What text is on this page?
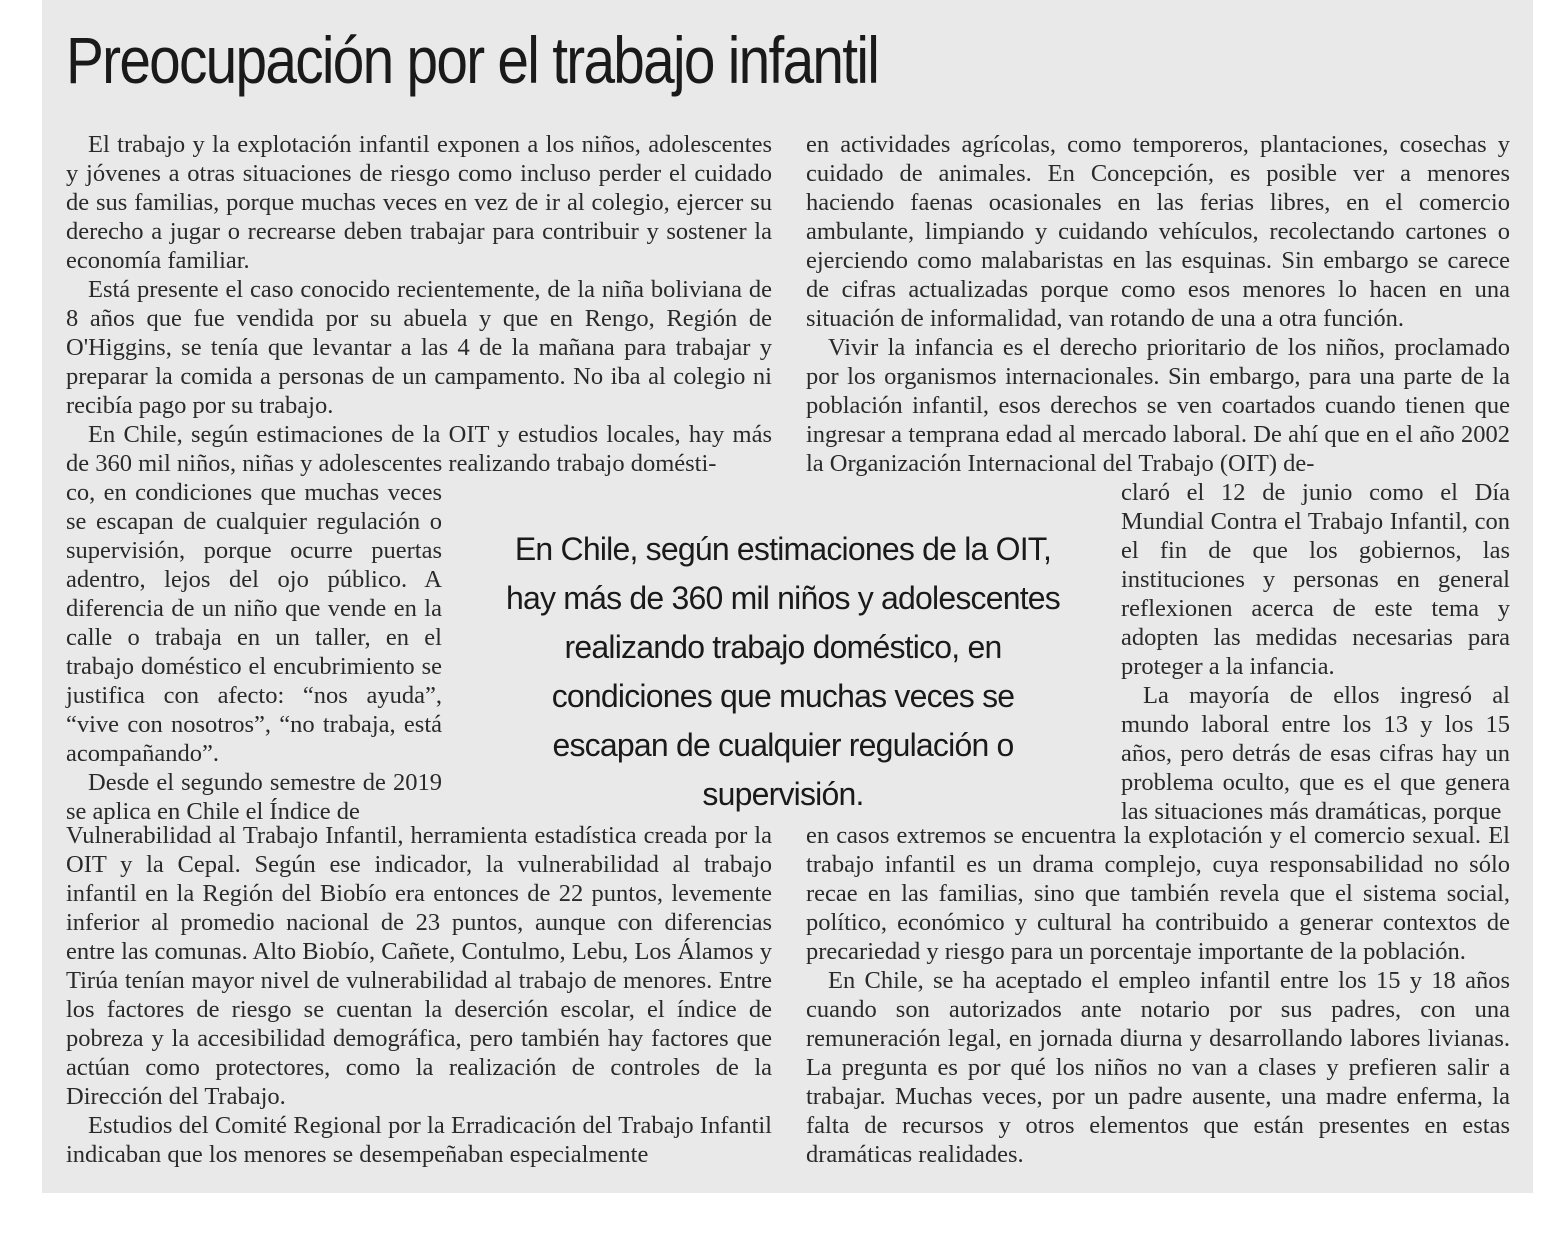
Preocupación por el trabajo infantil

El trabajo y la explotación infantil exponen a los niños, adolescentes y jóvenes a otras situaciones de riesgo como incluso perder el cuidado de sus familias, porque muchas veces en vez de ir al colegio, ejercer su derecho a jugar o recrearse deben trabajar para contribuir y sostener la economía familiar.

Está presente el caso conocido recientemente, de la niña boliviana de 8 años que fue vendida por su abuela y que en Rengo, Región de O'Higgins, se tenía que levantar a las 4 de la mañana para trabajar y preparar la comida a personas de un campamento. No iba al colegio ni recibía pago por su trabajo.

En Chile, según estimaciones de la OIT y estudios locales, hay más de 360 mil niños, niñas y adolescentes realizando trabajo domésti-

co, en condiciones que muchas veces se escapan de cualquier regulación o supervisión, porque ocurre puertas adentro, lejos del ojo público. A diferencia de un niño que vende en la calle o trabaja en un taller, en el trabajo doméstico el encubrimiento se justifica con afecto: “nos ayuda”, “vive con nosotros”, “no trabaja, está acompañando”.

Desde el segundo semestre de 2019 se aplica en Chile el Índice de

Vulnerabilidad al Trabajo Infantil, herramienta estadística creada por la OIT y la Cepal. Según ese indicador, la vulnerabilidad al trabajo infantil en la Región del Biobío era entonces de 22 puntos, levemente inferior al promedio nacional de 23 puntos, aunque con diferencias entre las comunas. Alto Biobío, Cañete, Contulmo, Lebu, Los Álamos y Tirúa tenían mayor nivel de vulnerabilidad al trabajo de menores. Entre los factores de riesgo se cuentan la deserción escolar, el índice de pobreza y la accesibilidad demográfica, pero también hay factores que actúan como protectores, como la realización de controles de la Dirección del Trabajo.

Estudios del Comité Regional por la Erradicación del Trabajo Infantil indicaban que los menores se desempeñaban especialmente

en actividades agrícolas, como temporeros, plantaciones, cosechas y cuidado de animales. En Concepción, es posible ver a menores haciendo faenas ocasionales en las ferias libres, en el comercio ambulante, limpiando y cuidando vehículos, recolectando cartones o ejerciendo como malabaristas en las esquinas. Sin embargo se carece de cifras actualizadas porque como esos menores lo hacen en una situación de informalidad, van rotando de una a otra función.

Vivir la infancia es el derecho prioritario de los niños, proclamado por los organismos internacionales. Sin embargo, para una parte de la población infantil, esos derechos se ven coartados cuando tienen que ingresar a temprana edad al mercado laboral. De ahí que en el año 2002 la Organización Internacional del Trabajo (OIT) de-

claró el 12 de junio como el Día Mundial Contra el Trabajo Infantil, con el fin de que los gobiernos, las instituciones y personas en general reflexionen acerca de este tema y adopten las medidas necesarias para proteger a la infancia.

La mayoría de ellos ingresó al mundo laboral entre los 13 y los 15 años, pero detrás de esas cifras hay un problema oculto, que es el que genera las situaciones más dramáticas, porque

en casos extremos se encuentra la explotación y el comercio sexual. El trabajo infantil es un drama complejo, cuya responsabilidad no sólo recae en las familias, sino que también revela que el sistema social, político, económico y cultural ha contribuido a generar contextos de precariedad y riesgo para un porcentaje importante de la población.

En Chile, se ha aceptado el empleo infantil entre los 15 y 18 años cuando son autorizados ante notario por sus padres, con una remuneración legal, en jornada diurna y desarrollando labores livianas. La pregunta es por qué los niños no van a clases y prefieren salir a trabajar. Muchas veces, por un padre ausente, una madre enferma, la falta de recursos y otros elementos que están presentes en estas dramáticas realidades.

En Chile, según estimaciones de la OIT, hay más de 360 mil niños y adolescentes realizando trabajo doméstico, en condiciones que muchas veces se escapan de cualquier regulación o supervisión.
